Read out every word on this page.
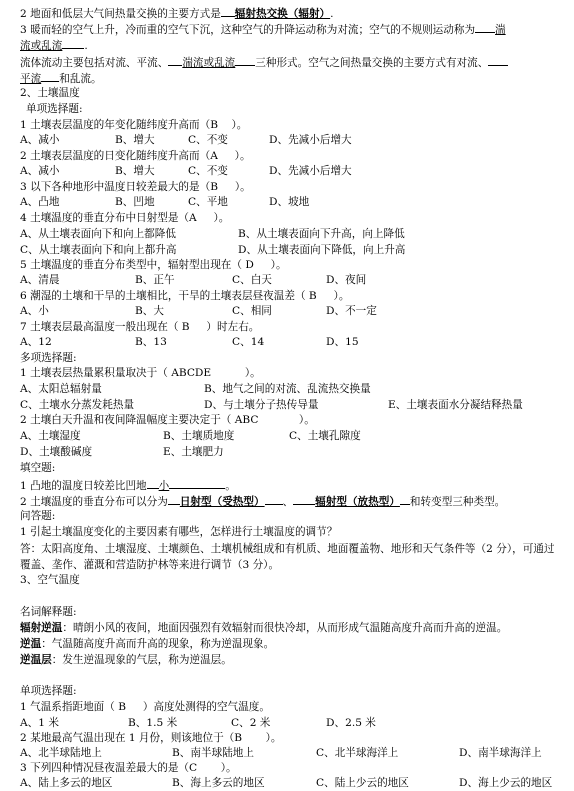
2 地面和低层大气间热量交换的主要方式是 辐射热交换（辐射）.
3 暖而轻的空气上升，冷而重的空气下沉，这种空气的升降运动称为对流；空气的不规则运动称为 湍
流或乱流 .
流体流动主要包括对流、平流、 湍流或乱流 三种形式。空气之间热量交换的主要方式有对流、
平流 和乱流。
2、土壤温度
单项选择题:
1 土壤表层温度的年变化随纬度升高而（B    ）。
A、减小	B、增大	C、不变	D、先减小后增大
2 土壤表层温度的日变化随纬度升高而（A     ）。
A、减小	B、增大	C、不变	D、先减小后增大
3 以下各种地形中温度日较差最大的是（B     ）。
A、凸地	B、凹地	C、平地	D、坡地
4 土壤温度的垂直分布中日射型是（A     ）。
A、从土壤表面向下和向上都降低	B、从土壤表面向下升高，向上降低
C、从土壤表面向下和向上都升高	D、从土壤表面向下降低，向上升高
5 土壤温度的垂直分布类型中，辐射型出现在（ D     ）。
A、清晨	B、正午	C、白天	D、夜间
6 潮湿的土壤和干旱的土壤相比，干旱的土壤表层昼夜温差（ B     ）。
A、小	B、大	C、相同	D、不一定
7 土壤表层最高温度一般出现在（ B     ）时左右。
A、12	B、13	C、14	D、15
多项选择题:
1 土壤表层热量累积量取决于（ ABCDE          ）。
A、太阳总辐射量	B、地气之间的对流、乱流热交换量
C、土壤水分蒸发耗热量	D、与土壤分子热传导量	E、土壤表面水分凝结释热量
2 土壤白天升温和夜间降温幅度主要决定于（ ABC            ）。
A、土壤湿度	B、土壤质地度	C、土壤孔隙度
D、土壤酸碱度	E、土壤肥力
填空题:
1 凸地的温度日较差比凹地 小	。
2 土壤温度的垂直分布可以分为 日射型（受热型） 、 辐射型（放热型） 和转变型三种类型。
问答题:
1 引起土壤温度变化的主要因素有哪些，怎样进行土壤温度的调节？
答：太阳高度角、土壤湿度、土壤颜色、土壤机械组成和有机质、地面覆盖物、地形和天气条件等（2 分），可通过覆盖、垄作、灌溉和营造防护林等来进行调节（3 分）。
3、空气温度
名词解释题:
辐射逆温：晴朗小风的夜间，地面因强烈有效辐射而很快冷却，从而形成气温随高度升高而升高的逆温。
逆温：气温随高度升高而升高的现象，称为逆温现象。
逆温层：发生逆温现象的气层，称为逆温层。
单项选择题:
1 气温系指距地面（ B     ）高度处测得的空气温度。
A、1 米	B、1.5 米	C、2 米	D、2.5 米
2 某地最高气温出现在 1 月份，则该地位于（B       ）。
A、北半球陆地上	B、南半球陆地上	C、北半球海洋上	D、南半球海洋上
3 下列四种情况昼夜温差最大的是（C       ）。
A、陆上多云的地区	B、海上多云的地区	C、陆上少云的地区	D、海上少云的地区
